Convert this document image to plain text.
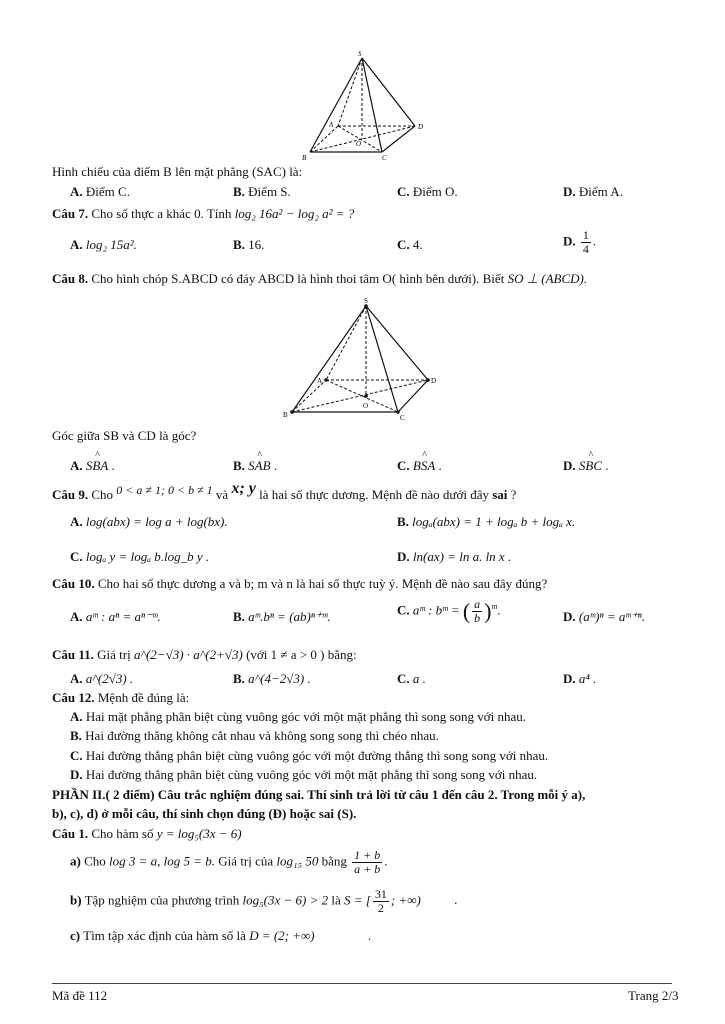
S
A	D
B	C
O
Hình chiếu của điểm B lên mặt phẳng (SAC) là:
A. Điểm C.	B. Điểm S.	C. Điểm O.	D. Điểm A.
Câu 7. Cho số thực a khác 0. Tính log₂ 16a² − log₂ a² = ?
A. log₂ 15a².	B. 16.	C. 4.	D. $\frac{1}{4}$ .
Câu 8. Cho hình chóp S.ABCD có đáy ABCD là hình thoi tâm O( hình bên dưới). Biết SO ⊥ (ABCD).
S
A	D
B	C
O
Góc giữa SB và CD là góc?
A. ^ SBA .	B. ^ SAB .	C. ^ BSA .	D. ^ SBC .
Câu 9. Cho 0 < a ≠ 1; 0 < b ≠ 1 và x; y là hai số thực dương. Mệnh đề nào dưới đây sai ?
A. log(abx) = log a + log(bx).	B. logₐ(abx) = 1 + logₐ b + logₐ x.
C. logₐ y = logₐ b.log_b y .	D. ln(ax) = ln a. ln x .
Câu 10. Cho hai số thực dương a và b; m và n là hai số thực tuỳ ý. Mệnh đề nào sau đây đúng?
A. aᵐ : aⁿ = aⁿ⁻ᵐ.	B. aᵐ.bⁿ = (ab)ⁿ⁺ᵐ.	C. aᵐ : bᵐ = ( $\frac{a}{b} )^m$.	D. (aᵐ)ⁿ = aᵐ⁺ⁿ.
Câu 11. Giá trị a^(2−√3) · a^(2+√3) (với 1 ≠ a > 0 ) bằng:
A. a^(2√3) .	B. a^(4−2√3) .	C. a .	D. a⁴ .
Câu 12. Mệnh đề đúng là:
A. Hai mặt phẳng phân biệt cùng vuông góc với một mặt phẳng thì song song với nhau.
B. Hai đường thẳng không cắt nhau và không song song thì chéo nhau.
C. Hai đường thẳng phân biệt cùng vuông góc với một đường thẳng thì song song với nhau.
D. Hai đường thẳng phân biệt cùng vuông góc với một mặt phẳng thì song song với nhau.
PHẦN II.( 2 điểm) Câu trắc nghiệm đúng sai. Thí sinh trả lời từ câu 1 đến câu 2. Trong mỗi ý a),
b), c), d) ở mỗi câu, thí sinh chọn đúng (Đ) hoặc sai (S).
Câu 1. Cho hàm số y = log₅(3x − 6)
a) Cho log 3 = a, log 5 = b. Giá trị của log₁₅ 50 bằng $\frac{1 + b}{a + b}$ .
b) Tập nghiệm của phương trình log₅(3x − 6) > 2 là S = [ $\frac{31}{2}$ ; +∞)	.
c) Tìm tập xác định của hàm số là D = (2; +∞)	.
Mã đề 112	Trang 2/3
